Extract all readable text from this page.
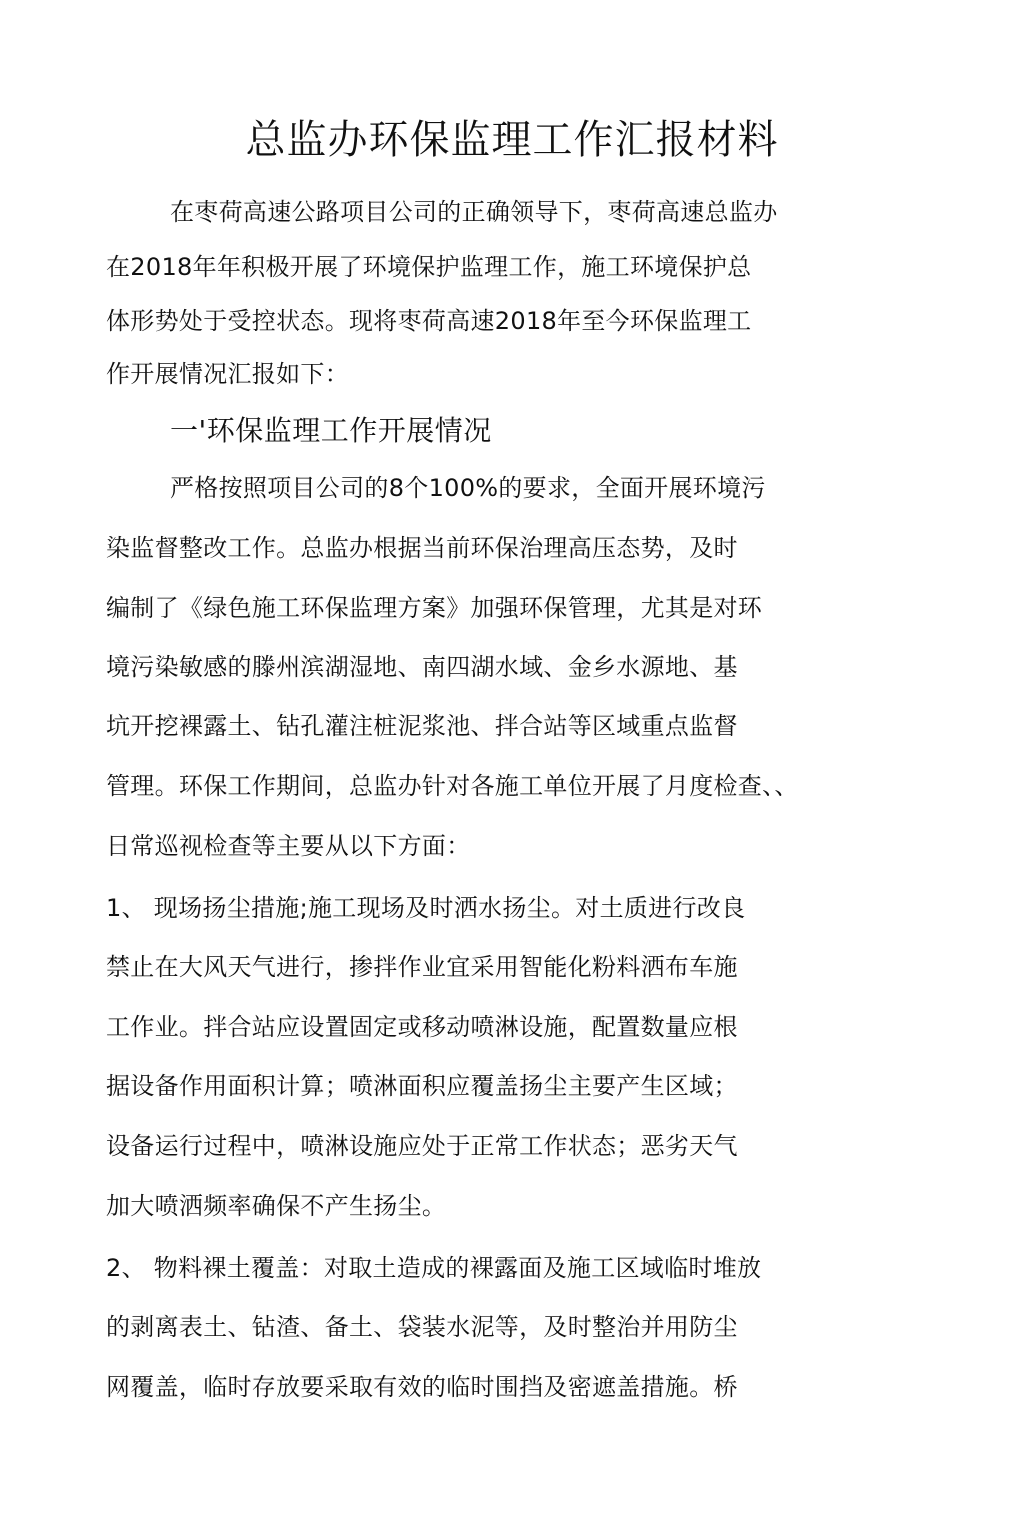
总监办环保监理工作汇报材料
在枣荷高速公路项目公司的正确领导下，枣荷高速总监办
在2018年年积极开展了环境保护监理工作，施工环境保护总
体形势处于受控状态。现将枣荷高速2018年至今环保监理工
作开展情况汇报如下：
一'环保监理工作开展情况
严格按照项目公司的8个100%的要求，全面开展环境污
染监督整改工作。总监办根据当前环保治理高压态势，及时
编制了《绿色施工环保监理方案》加强环保管理，尤其是对环
境污染敏感的滕州滨湖湿地、南四湖水域、金乡水源地、基
坑开挖裸露土、钻孔灌注桩泥浆池、拌合站等区域重点监督
管理。环保工作期间，总监办针对各施工单位开展了月度检查、、
日常巡视检查等主要从以下方面：
1、 现场扬尘措施;施工现场及时洒水扬尘。对土质进行改良
禁止在大风天气进行，掺拌作业宜采用智能化粉料洒布车施
工作业。拌合站应设置固定或移动喷淋设施，配置数量应根
据设备作用面积计算；喷淋面积应覆盖扬尘主要产生区域；
设备运行过程中，喷淋设施应处于正常工作状态；恶劣天气
加大喷洒频率确保不产生扬尘。
2、 物料裸土覆盖：对取土造成的裸露面及施工区域临时堆放
的剥离表土、钻渣、备土、袋装水泥等，及时整治并用防尘
网覆盖，临时存放要采取有效的临时围挡及密遮盖措施。桥
